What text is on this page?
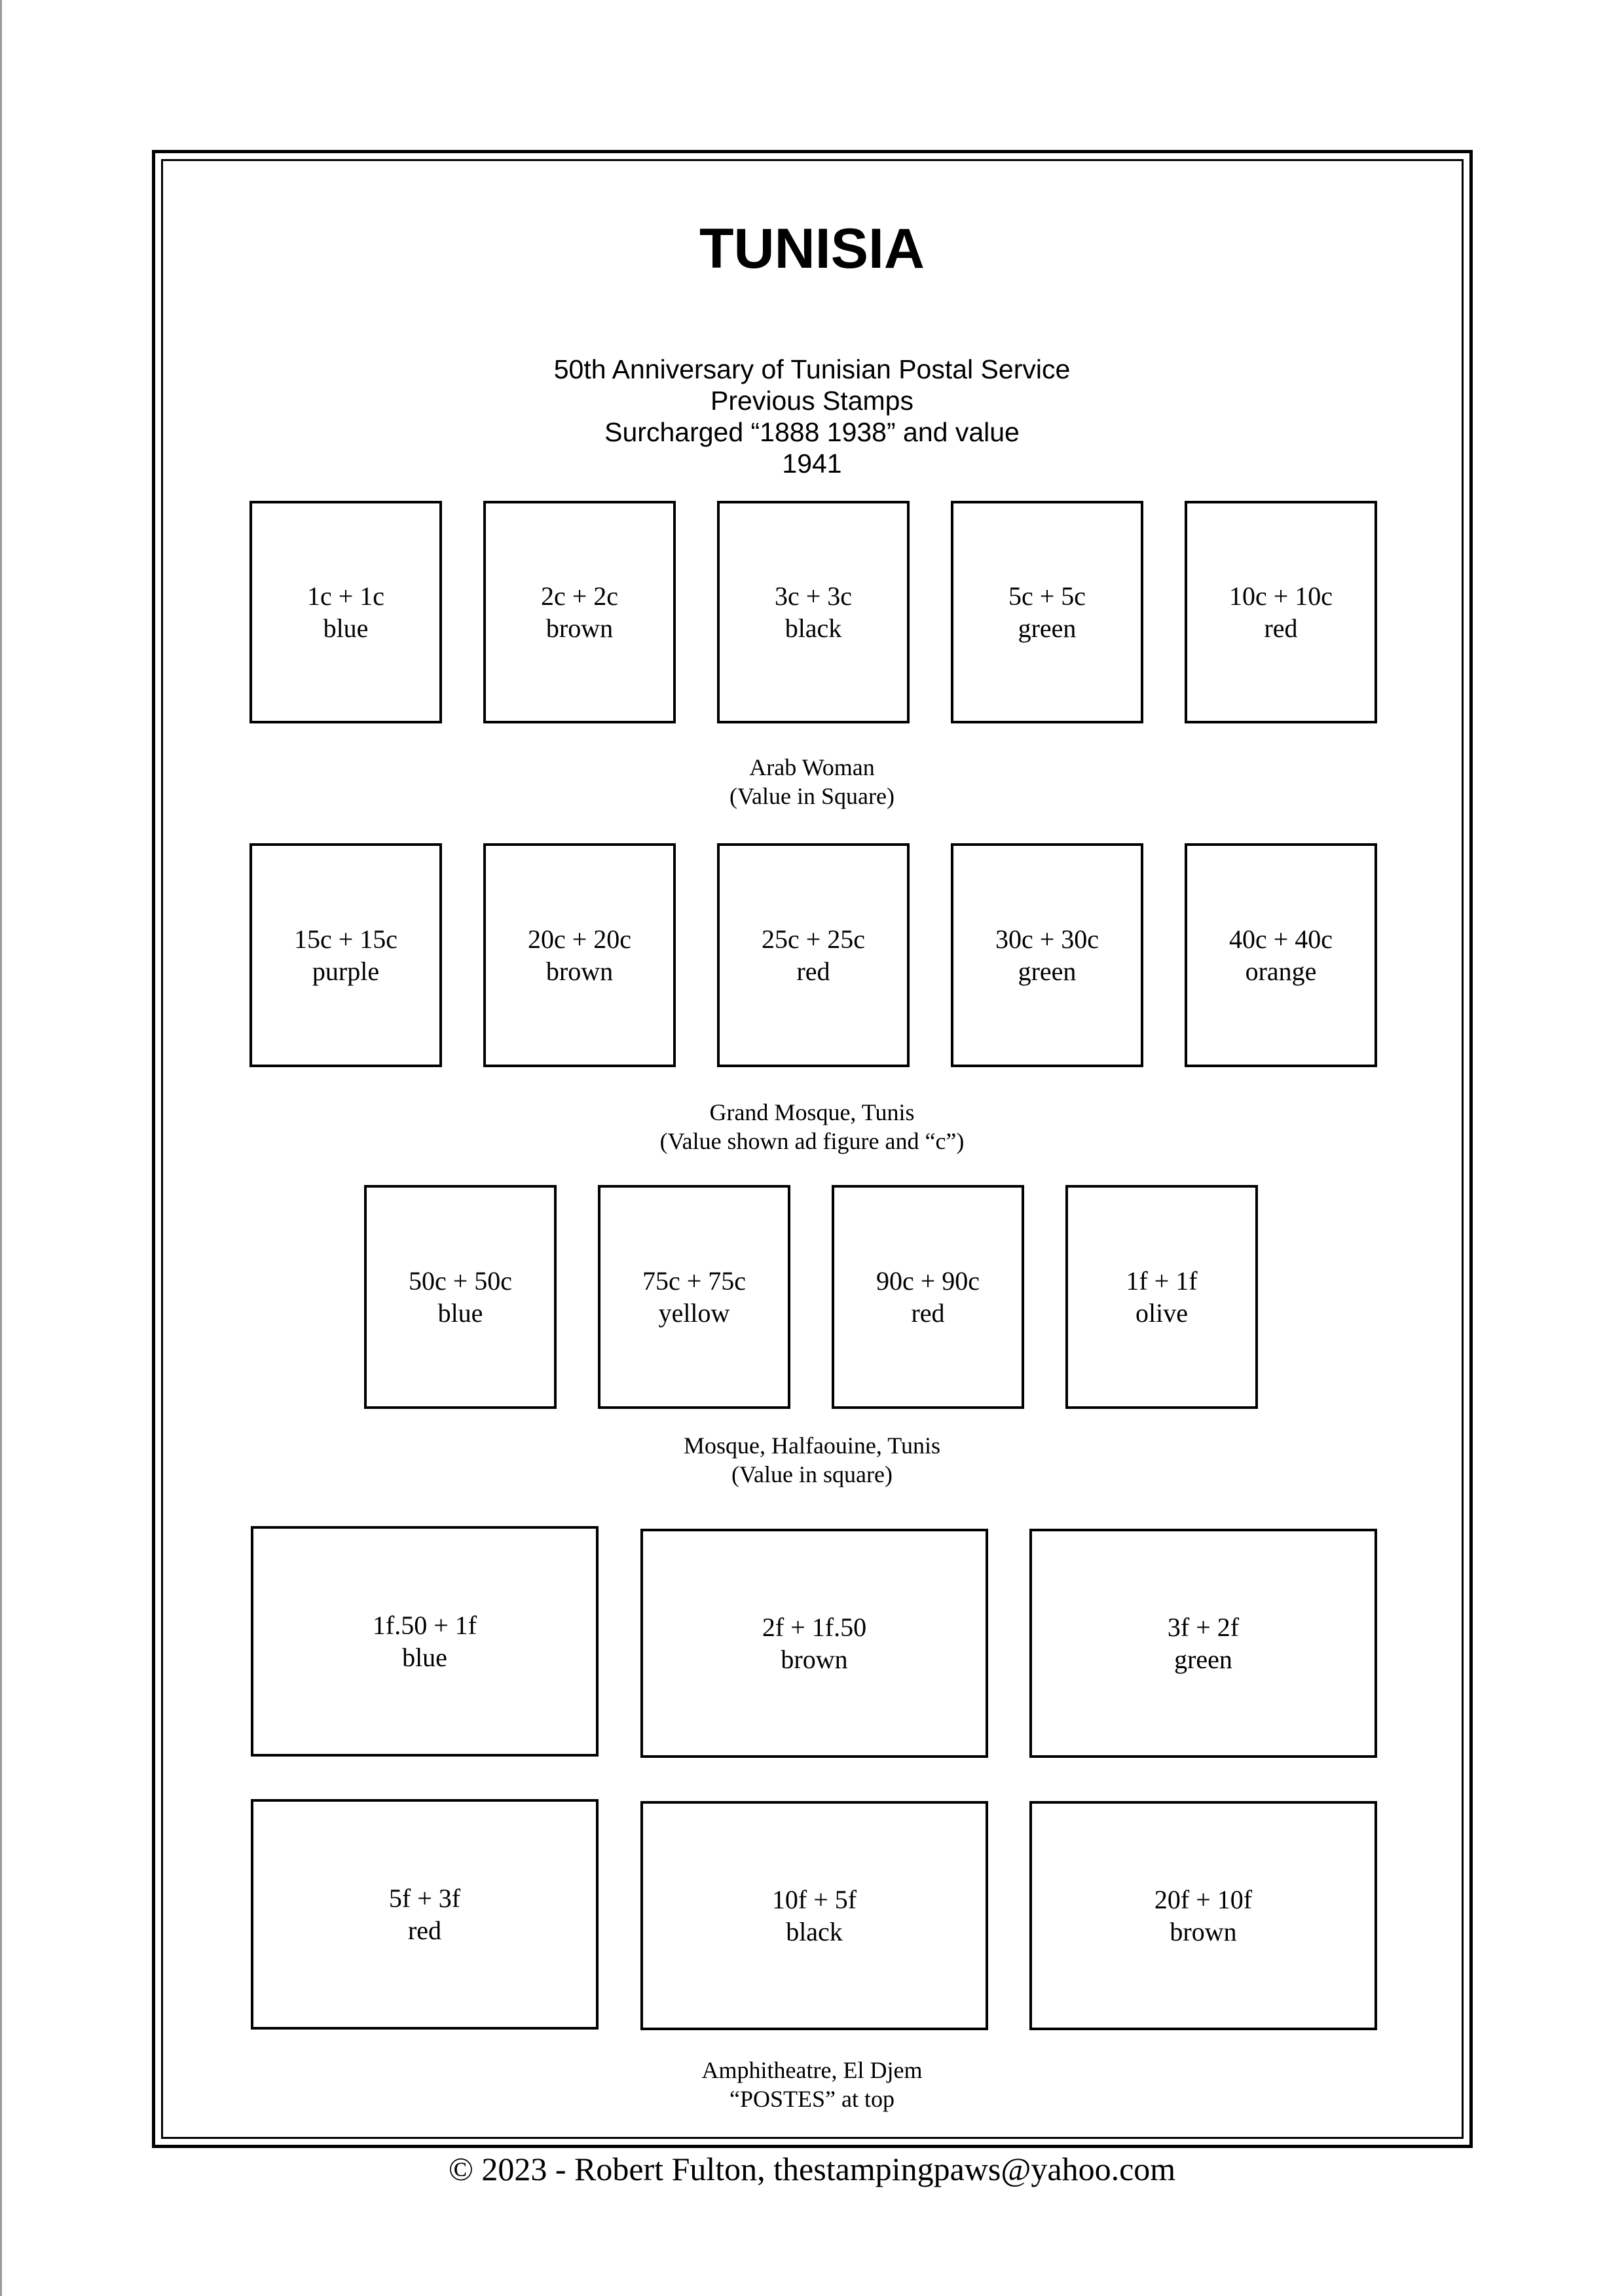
TUNISIA
50th Anniversary of Tunisian Postal Service
Previous Stamps
Surcharged “1888 1938” and value
1941
1c + 1c
blue
2c + 2c
brown
3c + 3c
black
5c + 5c
green
10c + 10c
red
Arab Woman
(Value in Square)
15c + 15c
purple
20c + 20c
brown
25c + 25c
red
30c + 30c
green
40c + 40c
orange
Grand Mosque, Tunis
(Value shown ad figure and “c”)
50c + 50c
blue
75c + 75c
yellow
90c + 90c
red
1f + 1f
olive
Mosque, Halfaouine, Tunis
(Value in square)
1f.50 + 1f
blue
2f + 1f.50
brown
3f + 2f
green
5f + 3f
red
10f + 5f
black
20f + 10f
brown
Amphitheatre, El Djem
“POSTES” at top
© 2023 - Robert Fulton, thestampingpaws@yahoo.com
